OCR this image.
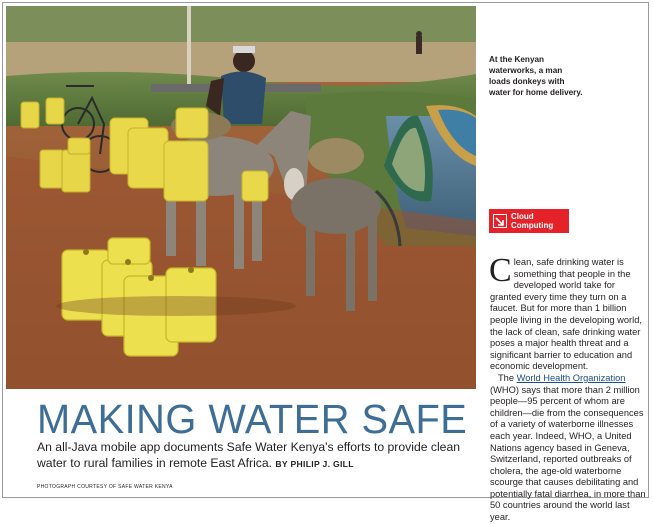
At the Kenyan waterworks, a man loads donkeys with water for home delivery.
Cloud Computing

Clean, safe drinking water is something that people in the developed world take for granted every time they turn on a faucet. But for more than 1 billion people living in the developing world, the lack of clean, safe drinking water poses a major health threat and a significant barrier to education and economic development.

The World Health Organization (WHO) says that more than 2 million people—95 percent of whom are children—die from the consequences of a variety of waterborne illnesses each year. Indeed, WHO, a United Nations agency based in Geneva, Switzerland, reported outbreaks of cholera, the age-old waterborne scourge that causes debilitating and potentially fatal diarrhea, in more than 50 countries around the world last year.

MAKING WATER SAFE
An all-Java mobile app documents Safe Water Kenya's efforts to provide clean water to rural families in remote East Africa. BY PHILIP J. GILL
PHOTOGRAPH COURTESY OF SAFE WATER KENYA
